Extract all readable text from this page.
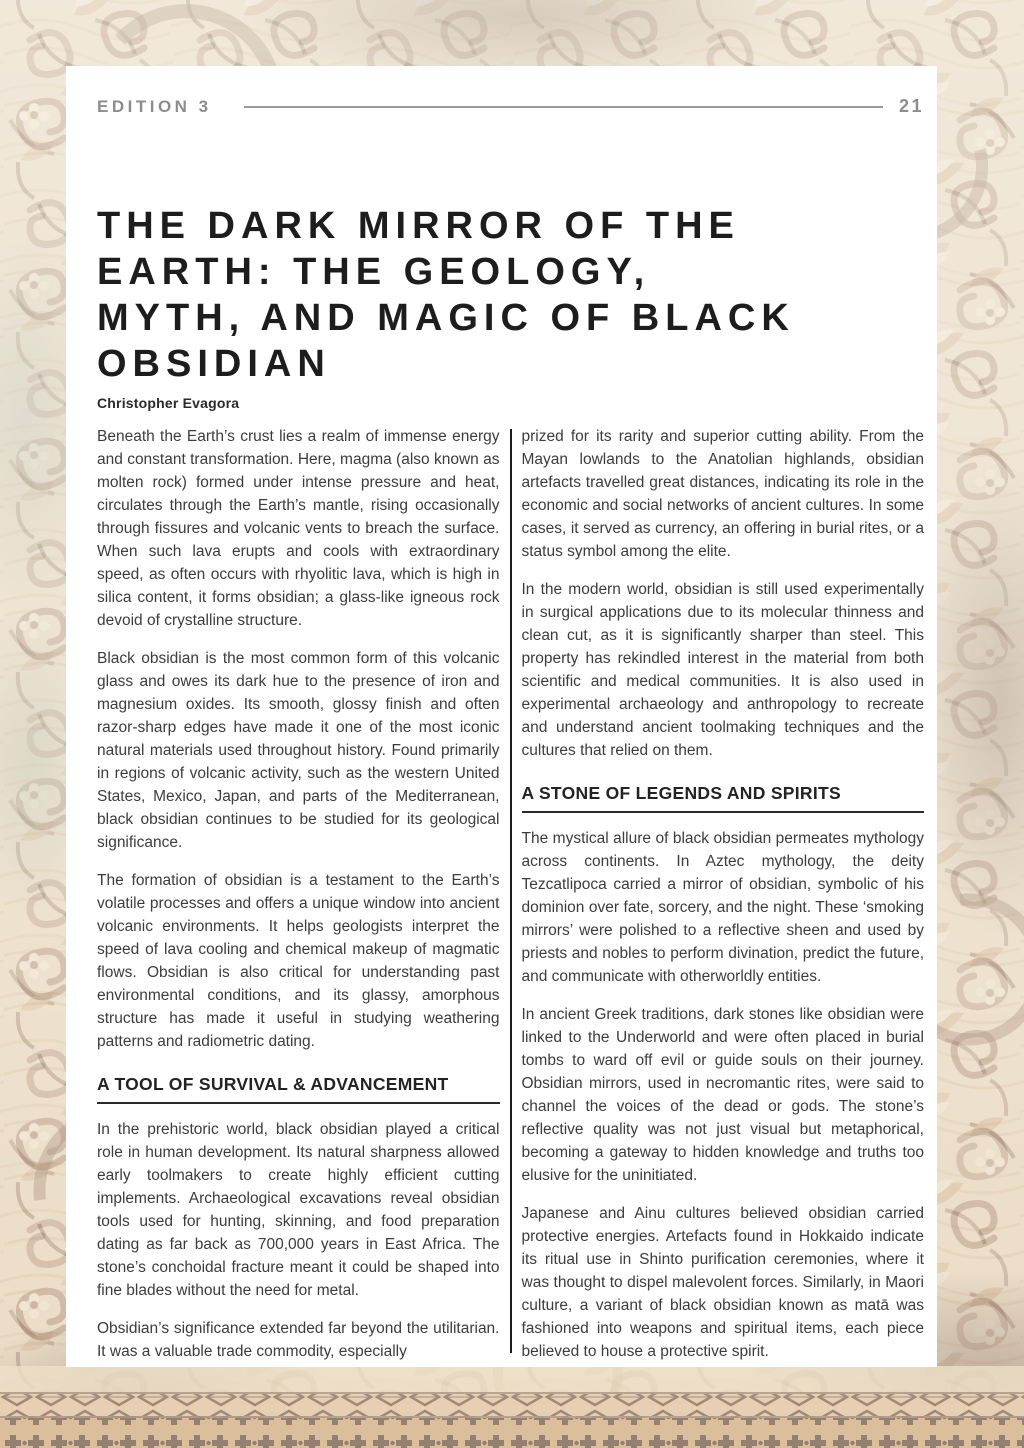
EDITION 3	21
THE DARK MIRROR OF THE
EARTH: THE GEOLOGY,
MYTH, AND MAGIC OF BLACK
OBSIDIAN
Christopher Evagora

Beneath the Earth’s crust lies a realm of immense energy and constant transformation. Here, magma (also known as molten rock) formed under intense pressure and heat, circulates through the Earth’s mantle, rising occasionally through fissures and volcanic vents to breach the surface. When such lava erupts and cools with extraordinary speed, as often occurs with rhyolitic lava, which is high in silica content, it forms obsidian; a glass-like igneous rock devoid of crystalline structure.

Black obsidian is the most common form of this volcanic glass and owes its dark hue to the presence of iron and magnesium oxides. Its smooth, glossy finish and often razor-sharp edges have made it one of the most iconic natural materials used throughout history. Found primarily in regions of volcanic activity, such as the western United States, Mexico, Japan, and parts of the Mediterranean, black obsidian continues to be studied for its geological significance.

The formation of obsidian is a testament to the Earth’s volatile processes and offers a unique window into ancient volcanic environments. It helps geologists interpret the speed of lava cooling and chemical makeup of magmatic flows. Obsidian is also critical for understanding past environmental conditions, and its glassy, amorphous structure has made it useful in studying weathering patterns and radiometric dating.

A TOOL OF SURVIVAL & ADVANCEMENT

In the prehistoric world, black obsidian played a critical role in human development. Its natural sharpness allowed early toolmakers to create highly efficient cutting implements. Archaeological excavations reveal obsidian tools used for hunting, skinning, and food preparation dating as far back as 700,000 years in East Africa. The stone’s conchoidal fracture meant it could be shaped into fine blades without the need for metal.

Obsidian’s significance extended far beyond the utilitarian. It was a valuable trade commodity, especially

prized for its rarity and superior cutting ability. From the Mayan lowlands to the Anatolian highlands, obsidian artefacts travelled great distances, indicating its role in the economic and social networks of ancient cultures. In some cases, it served as currency, an offering in burial rites, or a status symbol among the elite.

In the modern world, obsidian is still used experimentally in surgical applications due to its molecular thinness and clean cut, as it is significantly sharper than steel. This property has rekindled interest in the material from both scientific and medical communities. It is also used in experimental archaeology and anthropology to recreate and understand ancient toolmaking techniques and the cultures that relied on them.

A STONE OF LEGENDS AND SPIRITS

The mystical allure of black obsidian permeates mythology across continents. In Aztec mythology, the deity Tezcatlipoca carried a mirror of obsidian, symbolic of his dominion over fate, sorcery, and the night. These ‘smoking mirrors’ were polished to a reflective sheen and used by priests and nobles to perform divination, predict the future, and communicate with otherworldly entities.

In ancient Greek traditions, dark stones like obsidian were linked to the Underworld and were often placed in burial tombs to ward off evil or guide souls on their journey. Obsidian mirrors, used in necromantic rites, were said to channel the voices of the dead or gods. The stone’s reflective quality was not just visual but metaphorical, becoming a gateway to hidden knowledge and truths too elusive for the uninitiated.

Japanese and Ainu cultures believed obsidian carried protective energies. Artefacts found in Hokkaido indicate its ritual use in Shinto purification ceremonies, where it was thought to dispel malevolent forces. Similarly, in Maori culture, a variant of black obsidian known as matā was fashioned into weapons and spiritual items, each piece believed to house a protective spirit.
